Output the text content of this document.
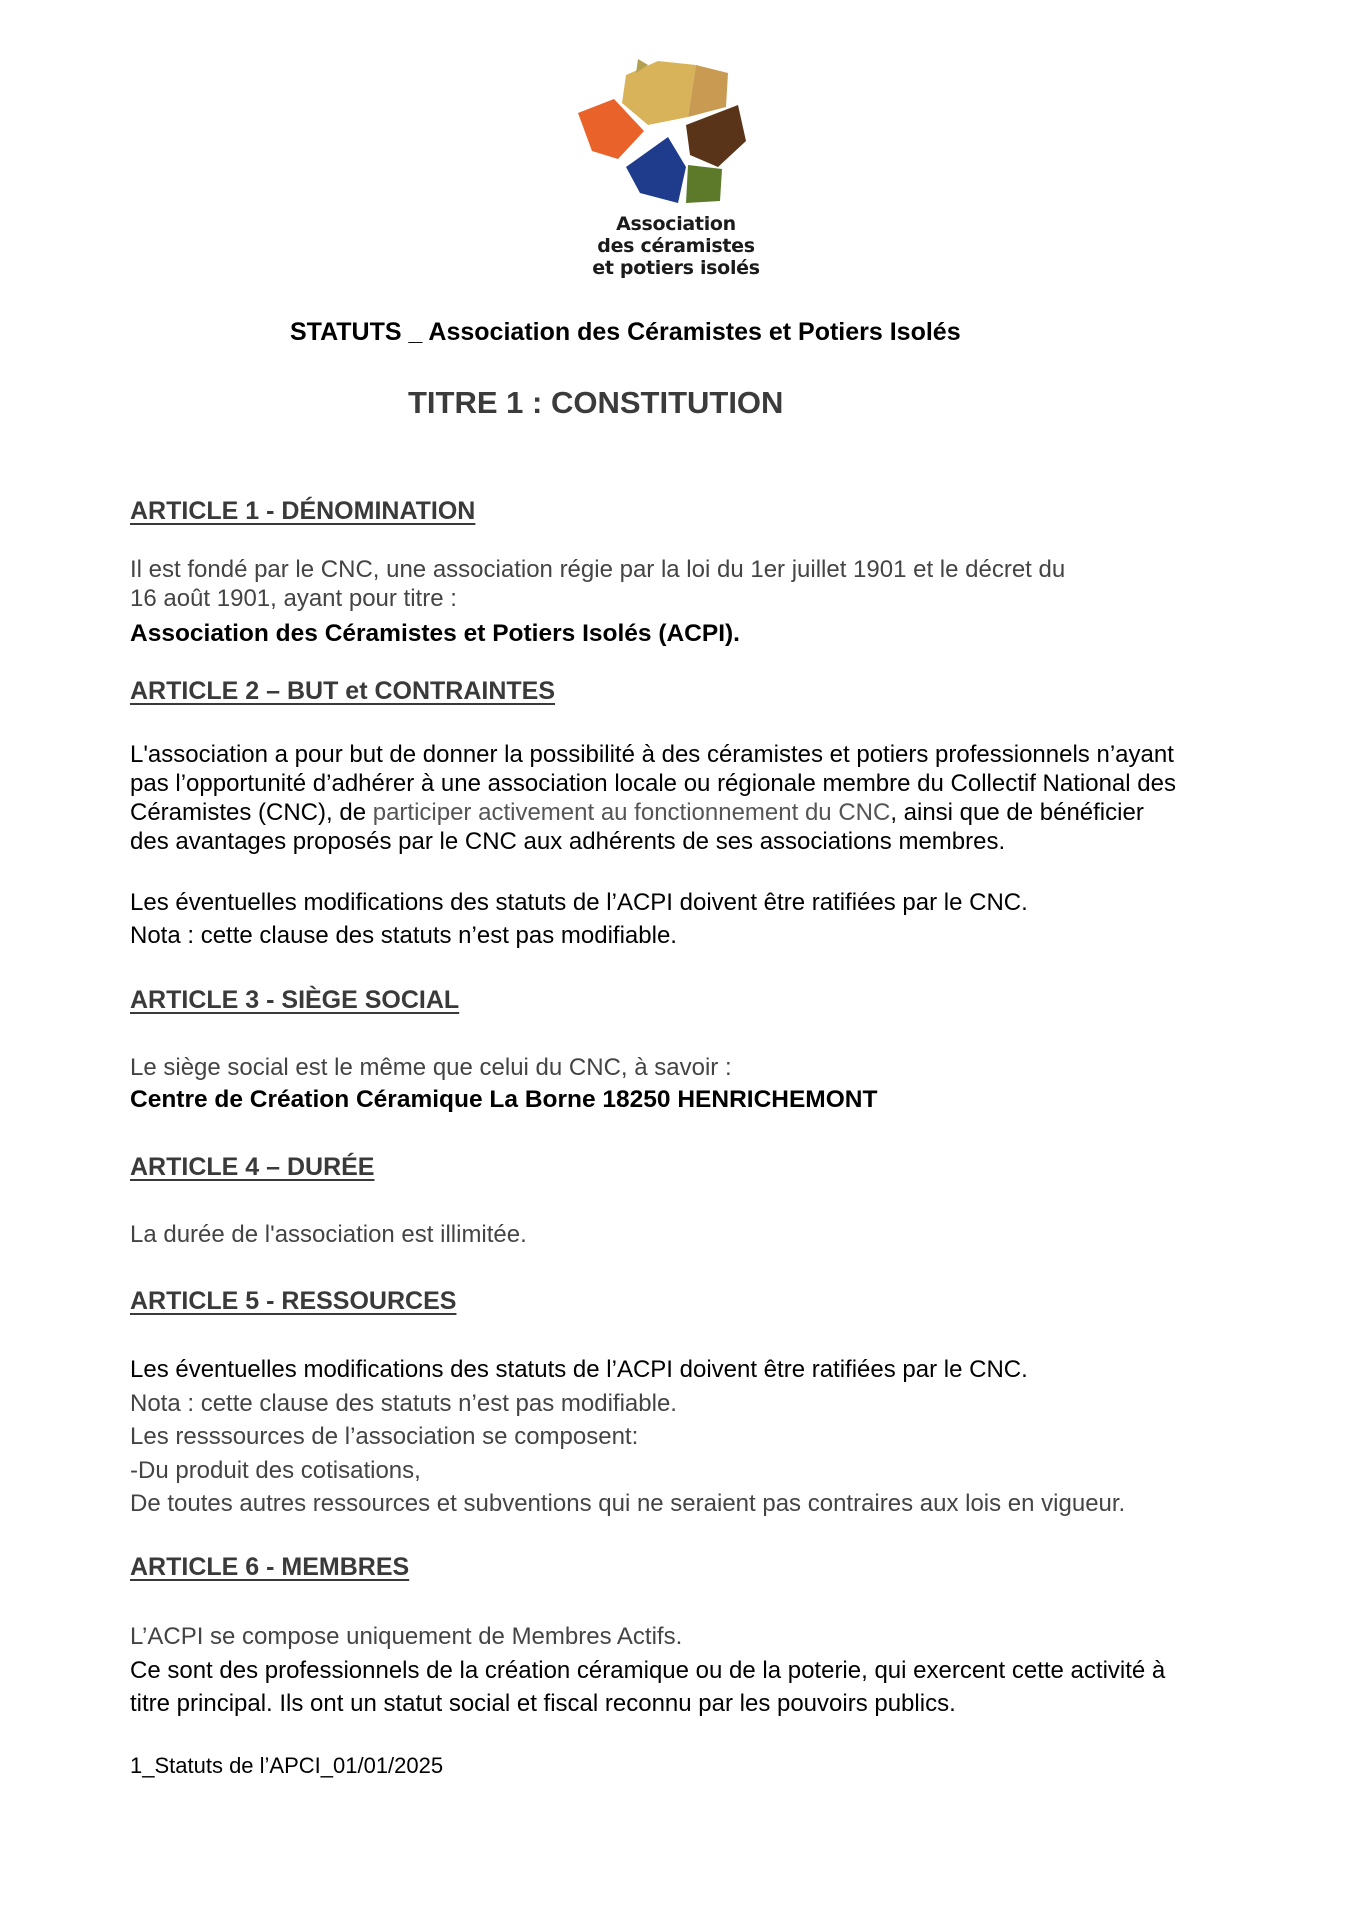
Association
des céramistes
et potiers isolés
STATUTS _ Association des Céramistes et Potiers Isolés
TITRE 1 : CONSTITUTION
ARTICLE 1 - DÉNOMINATION
Il est fondé par le CNC, une association régie par la loi du 1er juillet 1901 et le décret du
16 août 1901, ayant pour titre :
Association des Céramistes et Potiers Isolés (ACPI).
ARTICLE 2 – BUT et CONTRAINTES
L'association a pour but de donner la possibilité à des céramistes et potiers professionnels n’ayant
pas l’opportunité d’adhérer à une association locale ou régionale membre du Collectif National des
Céramistes (CNC), de participer activement au fonctionnement du CNC, ainsi que de bénéficier
des avantages proposés par le CNC aux adhérents de ses associations membres.
Les éventuelles modifications des statuts de l’ACPI doivent être ratifiées par le CNC.
Nota : cette clause des statuts n’est pas modifiable.
ARTICLE 3 - SIÈGE SOCIAL
Le siège social est le même que celui du CNC, à savoir :
Centre de Création Céramique La Borne 18250 HENRICHEMONT
ARTICLE 4 – DURÉE
La durée de l'association est illimitée.
ARTICLE 5 - RESSOURCES
Les éventuelles modifications des statuts de l’ACPI doivent être ratifiées par le CNC.
Nota : cette clause des statuts n’est pas modifiable.
Les resssources de l’association se composent:
-Du produit des cotisations,
De toutes autres ressources et subventions qui ne seraient pas contraires aux lois en vigueur.
ARTICLE 6 - MEMBRES
L’ACPI se compose uniquement de Membres Actifs.
Ce sont des professionnels de la création céramique ou de la poterie, qui exercent cette activité à
titre principal. Ils ont un statut social et fiscal reconnu par les pouvoirs publics.
1_Statuts de l’APCI_01/01/2025
